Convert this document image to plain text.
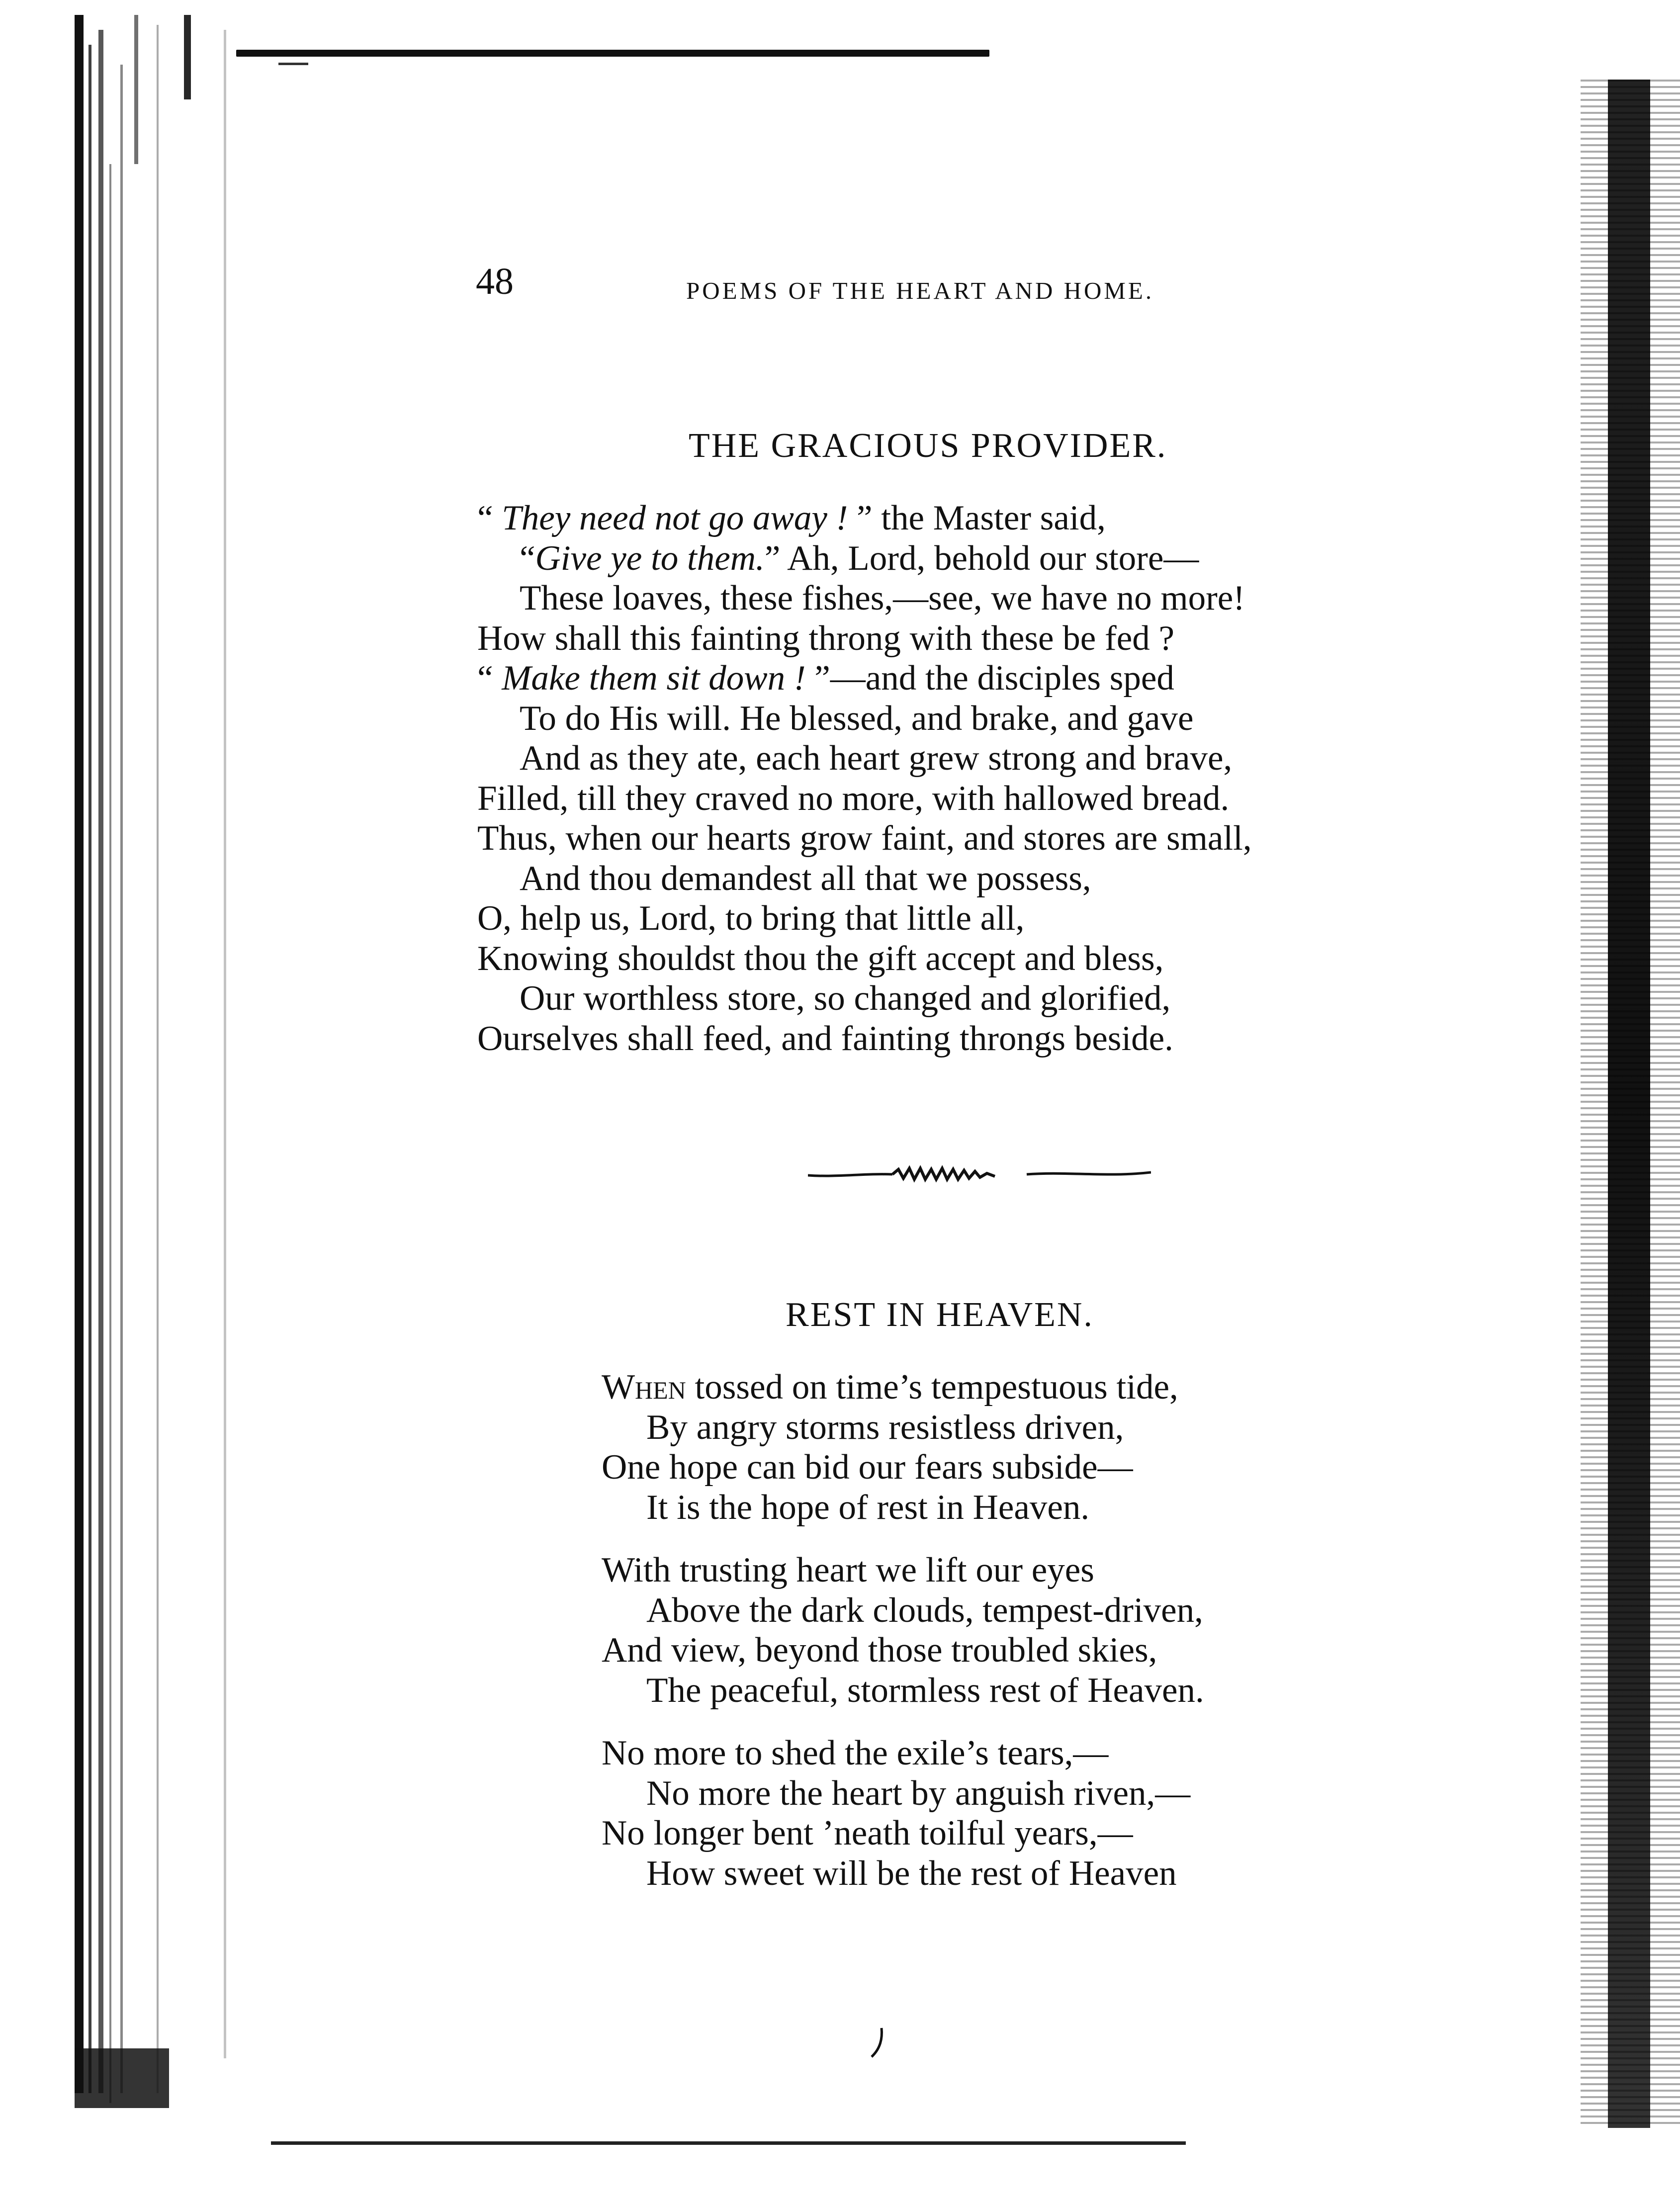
48	POEMS OF THE HEART AND HOME.
THE GRACIOUS PROVIDER.
“ They need not go away ! ” the Master said,
“Give ye to them.” Ah, Lord, behold our store—
These loaves, these fishes,—see, we have no more!
How shall this fainting throng with these be fed ?
“ Make them sit down ! ”—and the disciples sped
To do His will. He blessed, and brake, and gave
And as they ate, each heart grew strong and brave,
Filled, till they craved no more, with hallowed bread.
Thus, when our hearts grow faint, and stores are small,
And thou demandest all that we possess,
O, help us, Lord, to bring that little all,
Knowing shouldst thou the gift accept and bless,
Our worthless store, so changed and glorified,
Ourselves shall feed, and fainting throngs beside.
REST IN HEAVEN.
When tossed on time’s tempestuous tide,
By angry storms resistless driven,
One hope can bid our fears subside—
It is the hope of rest in Heaven.
With trusting heart we lift our eyes
Above the dark clouds, tempest-driven,
And view, beyond those troubled skies,
The peaceful, stormless rest of Heaven.
No more to shed the exile’s tears,—
No more the heart by anguish riven,—
No longer bent ’neath toilful years,—
How sweet will be the rest of Heaven
